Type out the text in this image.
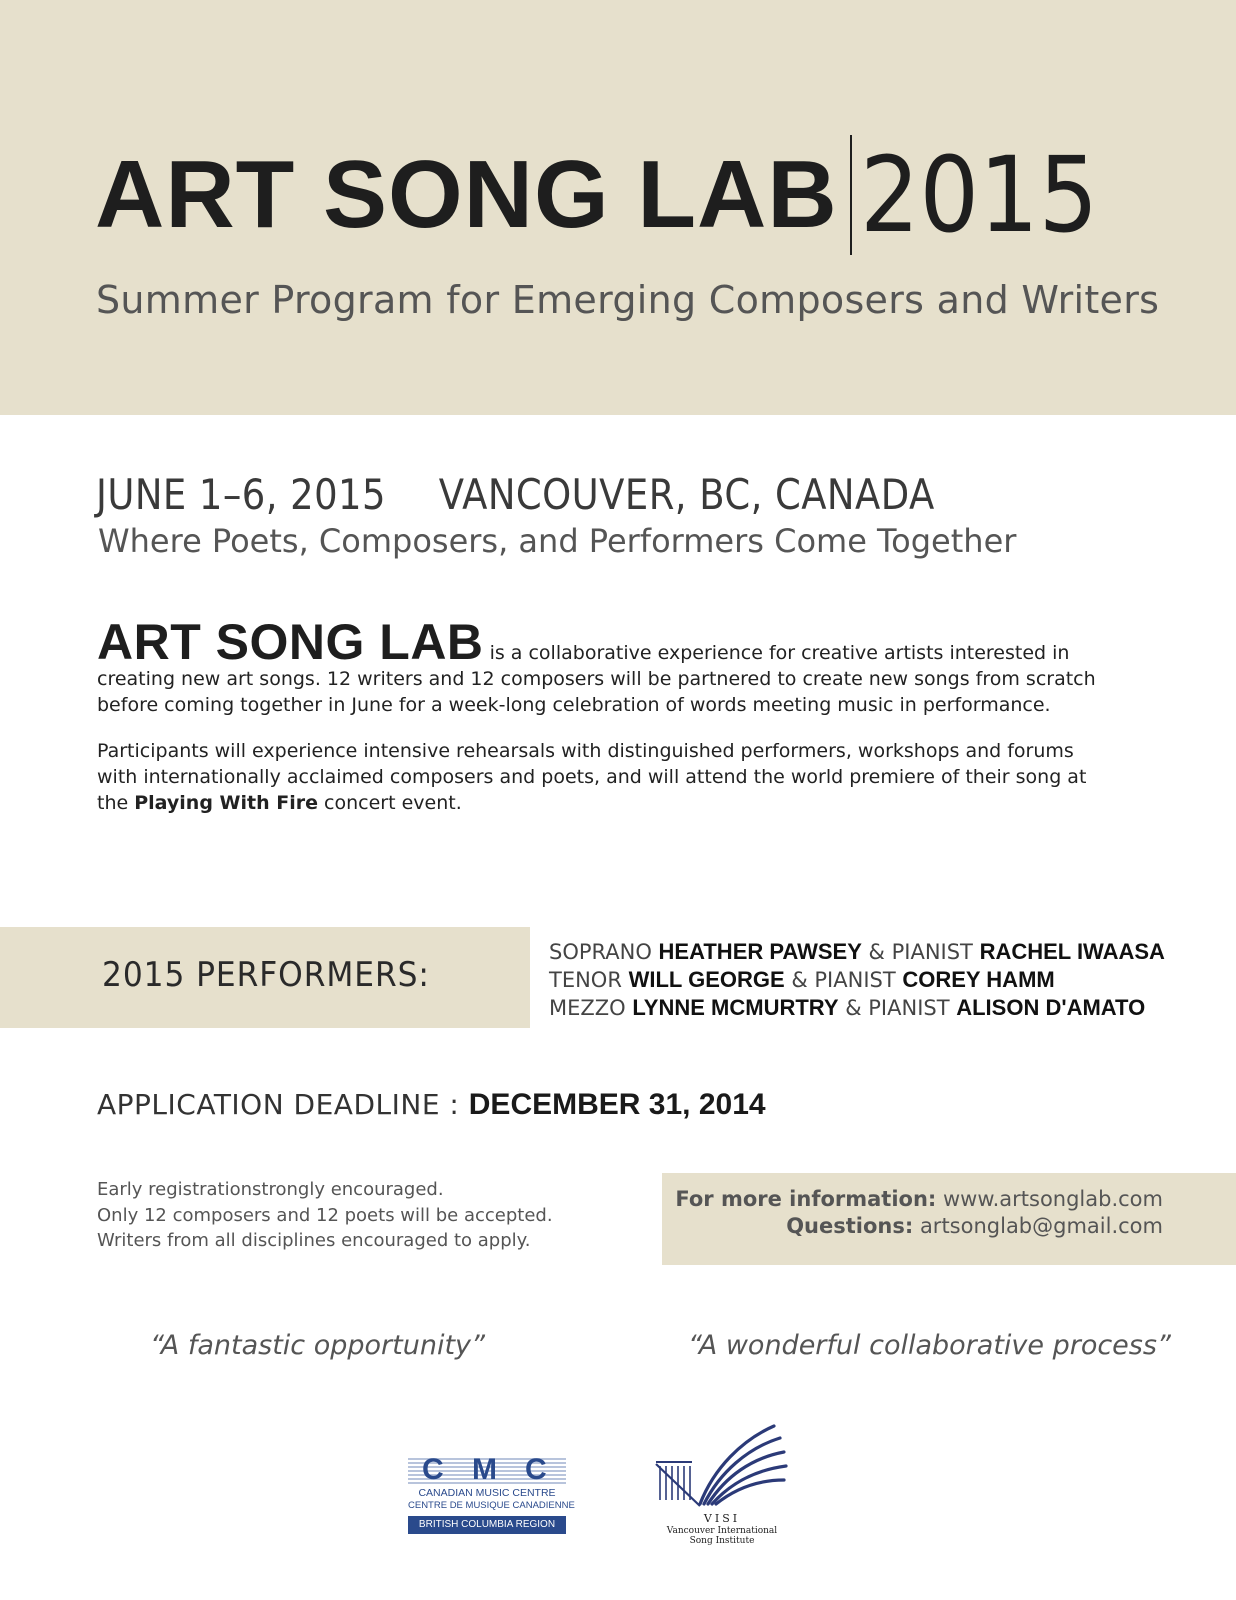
ART SONG LAB 2015
Summer Program for Emerging Composers and Writers
JUNE 1–6, 2015 VANCOUVER, BC, CANADA
Where Poets, Composers, and Performers Come Together

ART SONG LAB is a collaborative experience for creative artists interested in creating new art songs. 12 writers and 12 composers will be partnered to create new songs from scratch before coming together in June for a week-long celebration of words meeting music in performance.

Participants will experience intensive rehearsals with distinguished performers, workshops and forums with internationally acclaimed composers and poets, and will attend the world premiere of their song at the Playing With Fire concert event.

2015 PERFORMERS:
SOPRANO HEATHER PAWSEY & PIANIST RACHEL IWAASA
TENOR WILL GEORGE & PIANIST COREY HAMM
MEZZO LYNNE MCMURTRY & PIANIST ALISON D'AMATO
APPLICATION DEADLINE : DECEMBER 31, 2014
Early registrationstrongly encouraged.
Only 12 composers and 12 poets will be accepted.
Writers from all disciplines encouraged to apply.
For more information: www.artsonglab.com
Questions: artsonglab@gmail.com
“A fantastic opportunity”	“A wonderful collaborative process”
C M C
CANADIAN MUSIC CENTRE
CENTRE DE MUSIQUE CANADIENNE
BRITISH COLUMBIA REGION	VISI
Vancouver International
Song Institute
